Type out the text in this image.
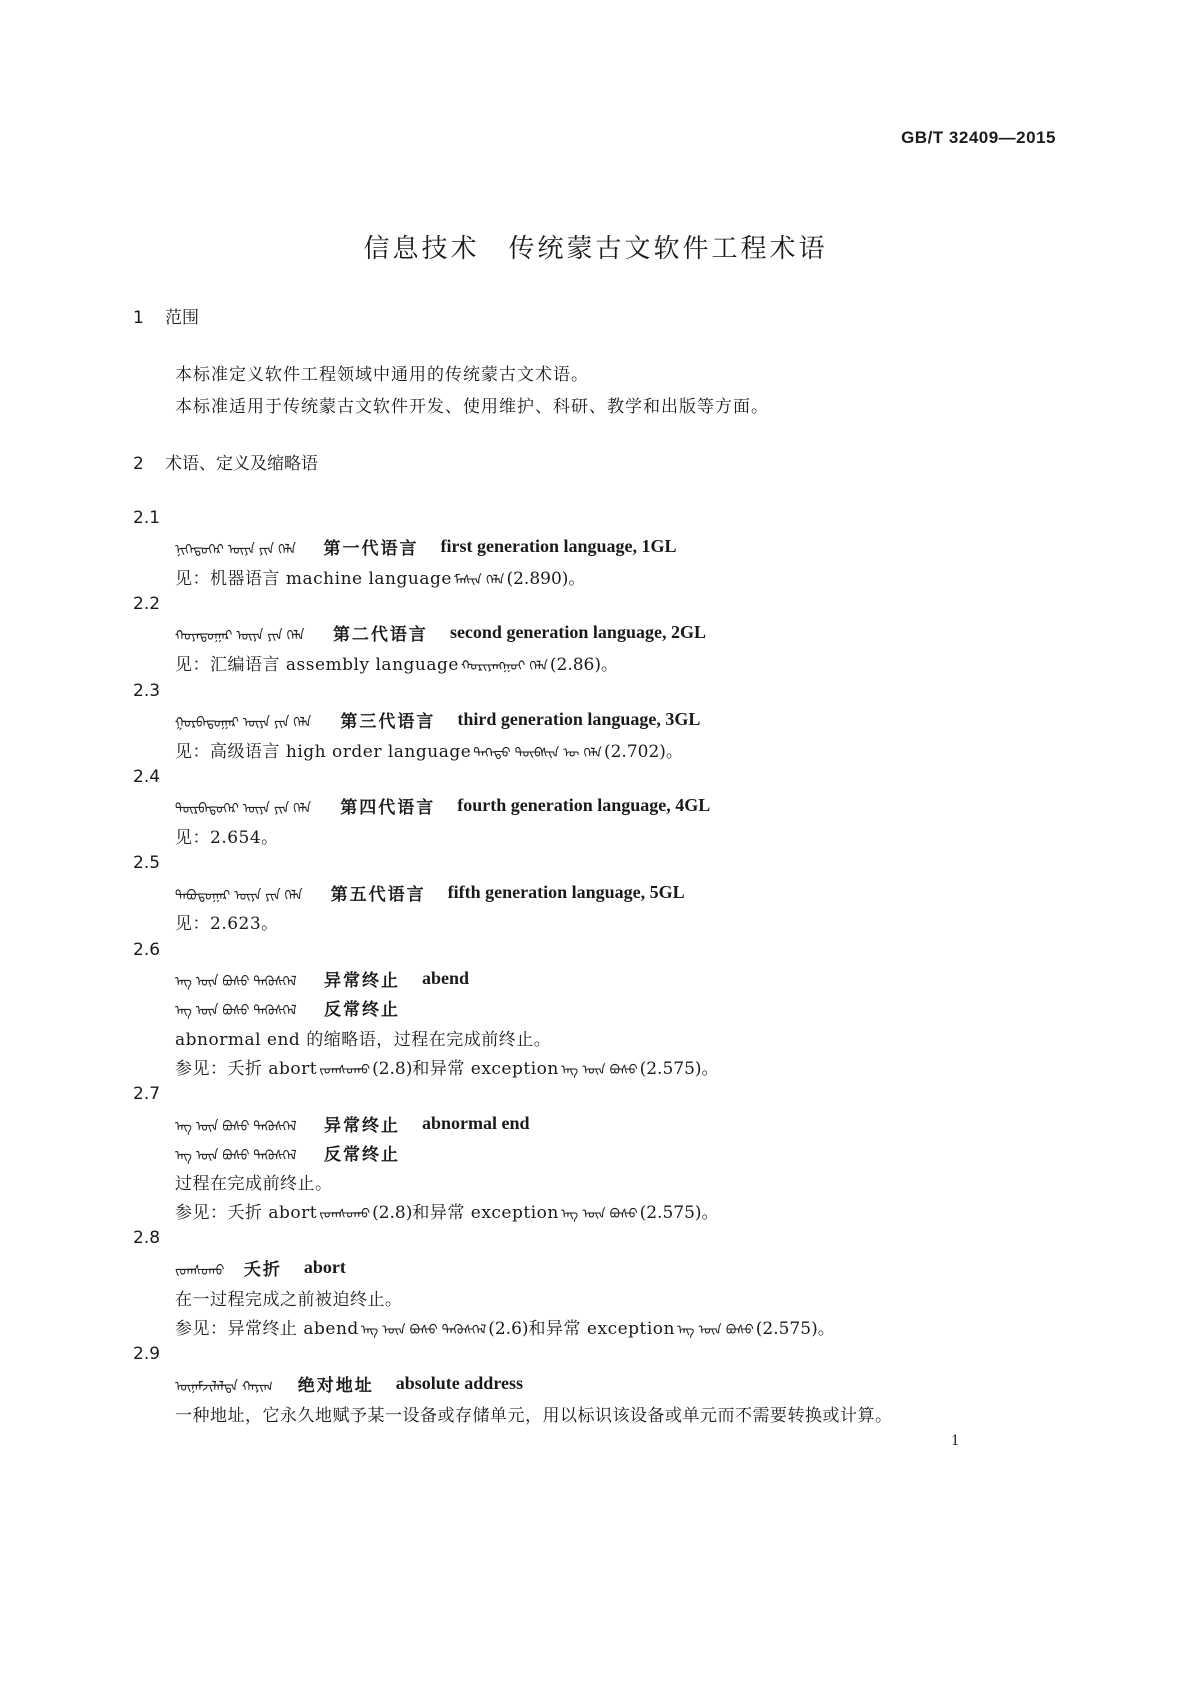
GB/T 32409—2015
信息技术　传统蒙古文软件工程术语
1 范围
本标准定义软件工程领域中通用的传统蒙古文术语。
本标准适用于传统蒙古文软件开发、使用维护、科研、教学和出版等方面。
2 术语、定义及缩略语
2.1
ᠨᠢᠭᠡᠳᠦᠭᠡᠷ ᠦᠶᠡ ᠶᠢᠨ ᠬᠡᠯᠡ 第一代语言 first generation language, 1GL
见：机器语言 machine language ᠮᠠᠰᠢᠨ ᠬᠡᠯᠡ (2.890)。
2.2
ᠬᠣᠶᠠᠳᠤᠭᠠᠷ ᠦᠶᠡ ᠶᠢᠨ ᠬᠡᠯᠡ 第二代语言 second generation language, 2GL
见：汇编语言 assembly language ᠬᠤᠷᠢᠶᠠᠩᠭᠤᠢ ᠬᠡᠯᠡ (2.86)。
2.3
ᠭᠤᠷᠪᠠᠳᠤᠭᠠᠷ ᠦᠶᠡ ᠶᠢᠨ ᠬᠡᠯᠡ 第三代语言 third generation language, 3GL
见：高级语言 high order language ᠳᠡᠭᠡᠳᠦ ᠲᠦᠪᠰᠢᠨ ᠦ ᠬᠡᠯᠡ (2.702)。
2.4
ᠳᠦᠷᠪᠡᠳᠦᠭᠡᠷ ᠦᠶᠡ ᠶᠢᠨ ᠬᠡᠯᠡ 第四代语言 fourth generation language, 4GL
见：2.654。
2.5
ᠲᠠᠪᠤᠳᠤᠭᠠᠷ ᠦᠶᠡ ᠶᠢᠨ ᠬᠡᠯᠡ 第五代语言 fifth generation language, 5GL
见：2.623。
2.6
ᠡᠩ ᠦᠨ ᠪᠤᠰᠤ ᠲᠡᠭᠦᠰᠭᠡᠯ 异常终止 abend
ᠡᠩ ᠦᠨ ᠪᠤᠰᠤ ᠲᠡᠭᠦᠰᠭᠡᠯ 反常终止
abnormal end 的缩略语，过程在完成前终止。
参见：夭折 abort ᠵᠣᠭᠰᠤᠬᠤ (2.8)和异常 exception ᠡᠩ ᠦᠨ ᠪᠤᠰᠤ (2.575)。
2.7
ᠡᠩ ᠦᠨ ᠪᠤᠰᠤ ᠲᠡᠭᠦᠰᠭᠡᠯ 异常终止 abnormal end
ᠡᠩ ᠦᠨ ᠪᠤᠰᠤ ᠲᠡᠭᠦᠰᠭᠡᠯ 反常终止
过程在完成前终止。
参见：夭折 abort ᠵᠣᠭᠰᠤᠬᠤ (2.8)和异常 exception ᠡᠩ ᠦᠨ ᠪᠤᠰᠤ (2.575)。
2.8
ᠵᠣᠭᠰᠤᠬᠤ 夭折 abort
在一过程完成之前被迫终止。
参见：异常终止 abend ᠡᠩ ᠦᠨ ᠪᠤᠰᠤ ᠲᠡᠭᠦᠰᠭᠡᠯ (2.6)和异常 exception ᠡᠩ ᠦᠨ ᠪᠤᠰᠤ (2.575)。
2.9
ᠦᠨᠡᠮᠵᠢᠯᠡᠯᠲᠡ ᠬᠠᠶᠢᠭ 绝对地址 absolute address
一种地址，它永久地赋予某一设备或存储单元，用以标识该设备或单元而不需要转换或计算。
1
